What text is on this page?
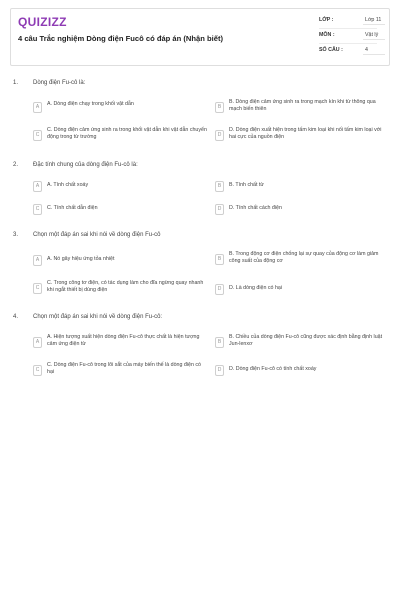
QUIZIZZ
4 câu Trắc nghiệm Dòng điện Fucô có đáp án (Nhận biết)
LỚP :	Lớp 11
MÔN :	Vật lý
SỐ CÂU :	4
1. Dòng điện Fu-cô là:
A	A. Dòng điện chạy trong khối vật dẫn	B
B. Dòng điện cảm ứng sinh ra trong mạch kín khi từ thông qua mạch biến thiên
C
C. Dòng điện cảm ứng sinh ra trong khối vật dẫn khi vật dẫn chuyển động trong từ trường	D
D. Dòng điện xuất hiện trong tấm kim loại khi nối tấm kim loại với hai cực của nguồn điện
2. Đặc tính chung của dòng điện Fu-cô là:
A	A. Tính chất xoáy	B	B. Tính chất từ
C	C. Tính chất dẫn điện	D	D. Tính chất cách điện
3. Chọn một đáp án sai khi nói về dòng điện Fu-cô
A	A. Nó gây hiệu ứng tỏa nhiệt	B
B. Trong động cơ điện chống lại sự quay của động cơ làm giảm công suất của động cơ
C
C. Trong công tơ điện, có tác dụng làm cho đĩa ngừng quay nhanh khi ngắt thiết bị dùng điện	D	D. Là dòng điện có hại
4. Chọn một đáp án sai khi nói về dòng điện Fu-cô:
A
A. Hiện tượng xuất hiện dòng điện Fu-cô thực chất là hiện tượng cảm ứng điện từ	B
B. Chiều của dòng điện Fu-cô cũng được xác định bằng định luật Jun-lenxơ
C
C. Dòng điện Fu-cô trong lõi sắt của máy biến thế là dòng điện có hại	D	D. Dòng điện Fu-cô có tính chất xoáy
